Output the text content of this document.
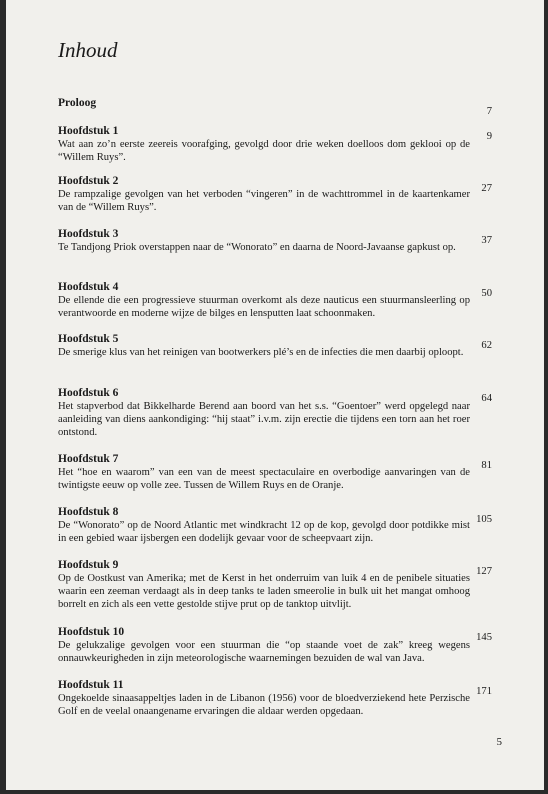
Inhoud
Proloog
7
Hoofdstuk 1
Wat aan zo’n eerste zeereis voorafging, gevolgd door drie weken doelloos dom geklooi op de “Willem Ruys”.
9
Hoofdstuk 2
De rampzalige gevolgen van het verboden “vingeren” in de wachttrommel in de kaartenkamer van de “Willem Ruys”.
27
Hoofdstuk 3
Te Tandjong Priok overstappen naar de “Wonorato” en daarna de Noord-Javaanse gapkust op.
37
Hoofdstuk 4
De ellende die een progressieve stuurman overkomt als deze nauticus een stuurmansleerling op verantwoorde en moderne wijze de bilges en lensputten laat schoonmaken.
50
Hoofdstuk 5
De smerige klus van het reinigen van bootwerkers plé’s en de infecties die men daarbij oploopt.
62
Hoofdstuk 6
Het stapverbod dat Bikkelharde Berend aan boord van het s.s. “Goentoer” werd opgelegd naar aanleiding van diens aankondiging: “hij staat” i.v.m. zijn erectie die tijdens een torn aan het roer ontstond.
64
Hoofdstuk 7
Het “hoe en waarom” van een van de meest spectaculaire en overbodige aanvaringen van de twintigste eeuw op volle zee. Tussen de Willem Ruys en de Oranje.
81
Hoofdstuk 8
De “Wonorato” op de Noord Atlantic met windkracht 12 op de kop, gevolgd door potdikke mist in een gebied waar ijsbergen een dodelijk gevaar voor de scheepvaart zijn.
105
Hoofdstuk 9
Op de Oostkust van Amerika; met de Kerst in het onderruim van luik 4 en de penibele situaties waarin een zeeman verdaagt als in deep tanks te laden smeerolie in bulk uit het mangat omhoog borrelt en zich als een vette gestolde stijve prut op de tanktop uitvlijt.
127
Hoofdstuk 10
De gelukzalige gevolgen voor een stuurman die “op staande voet de zak” kreeg wegens onnauwkeurigheden in zijn meteorologische waarnemingen bezuiden de wal van Java.
145
Hoofdstuk 11
Ongekoelde sinaasappeltjes laden in de Libanon (1956) voor de bloedverziekend hete Perzische Golf en de veelal onaangename ervaringen die aldaar werden opgedaan.
171
5
